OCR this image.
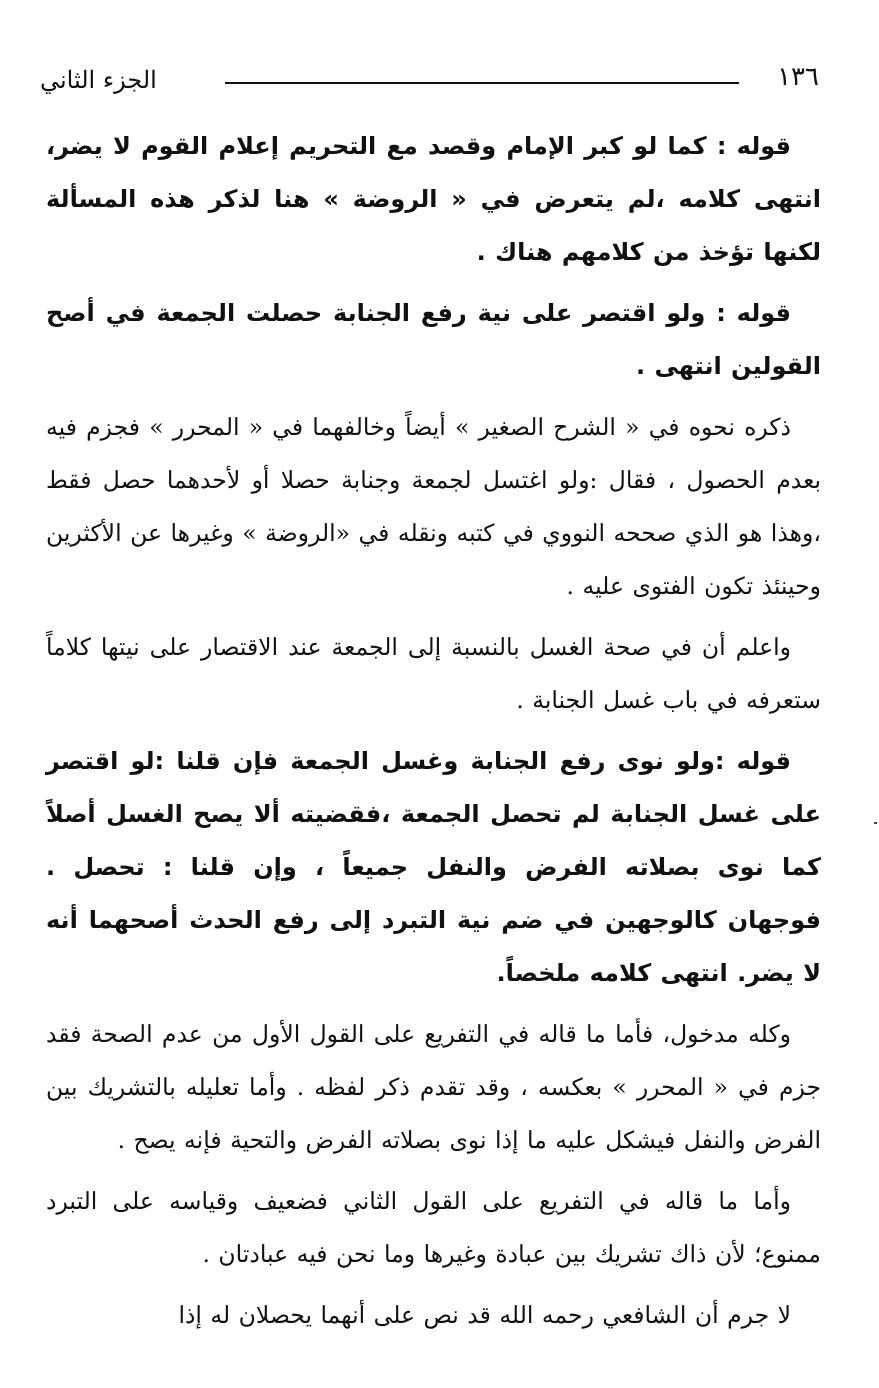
١٣٦
الجزء الثاني

قوله : كما لو كبر الإمام وقصد مع التحريم إعلام القوم لا يضر، انتهى كلامه ،لم يتعرض في « الروضة » هنا لذكر هذه المسألة لكنها تؤخذ من كلامهم هناك .

قوله : ولو اقتصر على نية رفع الجنابة حصلت الجمعة في أصح القولين انتهى .

ذكره نحوه في « الشرح الصغير » أيضاً وخالفهما في « المحرر » فجزم فيه بعدم الحصول ، فقال :ولو اغتسل لجمعة وجنابة حصلا أو لأحدهما حصل فقط ،وهذا هو الذي صححه النووي في كتبه ونقله في «الروضة » وغيرها عن الأكثرين وحينئذ تكون الفتوى عليه .

واعلم أن في صحة الغسل بالنسبة إلى الجمعة عند الاقتصار على نيتها كلاماً ستعرفه في باب غسل الجنابة .

قوله :ولو نوى رفع الجنابة وغسل الجمعة فإن قلنا :لو اقتصر على غسل الجنابة لم تحصل الجمعة ،فقضيته ألا يصح الغسل أصلاً كما نوى بصلاته الفرض والنفل جميعاً ، وإن قلنا : تحصل . فوجهان كالوجهين في ضم نية التبرد إلى رفع الحدث أصحهما أنه لا يضر. انتهى كلامه ملخصاً.

وكله مدخول، فأما ما قاله في التفريع على القول الأول من عدم الصحة فقد جزم في « المحرر » بعكسه ، وقد تقدم ذكر لفظه . وأما تعليله بالتشريك بين الفرض والنفل فيشكل عليه ما إذا نوى بصلاته الفرض والتحية فإنه يصح .

وأما ما قاله في التفريع على القول الثاني فضعيف وقياسه على التبرد ممنوع؛ لأن ذاك تشريك بين عبادة وغيرها وما نحن فيه عبادتان .

لا جرم أن الشافعي رحمه الله قد نص على أنهما يحصلان له إذا
